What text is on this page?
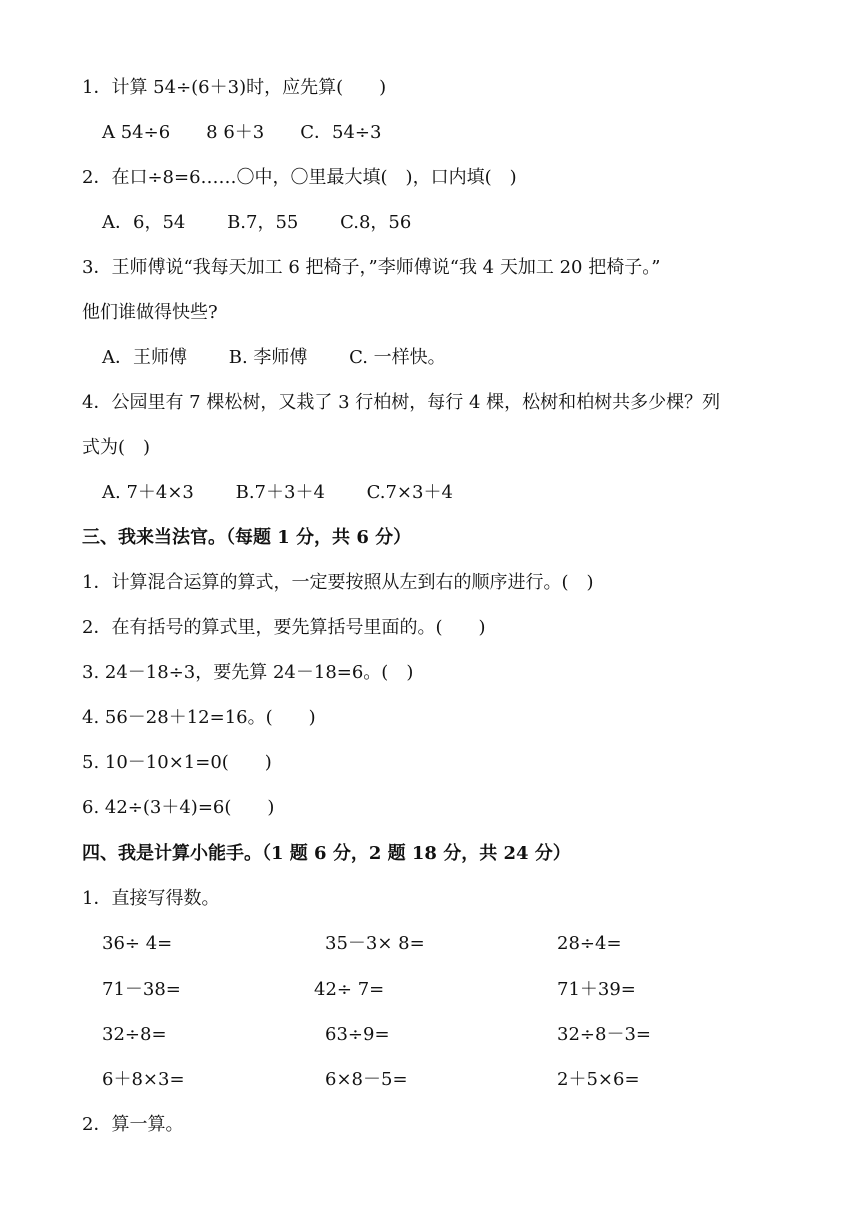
1．计算 54÷(6＋3)时，应先算(　　)
A 54÷6　　8 6＋3　　C．54÷3
2．在口÷8=6……〇中，〇里最大填(　)，口内填(　)
A．6，54　　 B.7，55　　 C.8，56
3．王师傅说“我每天加工 6 把椅子，”李师傅说“我 4 天加工 20 把椅子。”
他们谁做得快些?
A．王师傅　　 B. 李师傅　　 C. 一样快。
4．公园里有 7 棵松树，又栽了 3 行柏树，每行 4 棵，松树和柏树共多少棵？列
式为(　)
A. 7＋4×3　　 B.7＋3＋4　　 C.7×3＋4
三、我来当法官。（每题 1 分，共 6 分）
1．计算混合运算的算式，一定要按照从左到右的顺序进行。(　)
2．在有括号的算式里，要先算括号里面的。(　　)
3. 24－18÷3，要先算 24－18=6。(　)
4. 56－28＋12=16。(　　)
5. 10－10×1=0(　　)
6. 42÷(3＋4)=6(　　)
四、我是计算小能手。（1 题 6 分，2 题 18 分，共 24 分）
1．直接写得数。
36÷ 4=	35－3× 8=	28÷4=
71－38=	42÷ 7=	71＋39=
32÷8=	63÷9=	32÷8－3=
6＋8×3=	6×8－5=	2＋5×6=
2．算一算。
